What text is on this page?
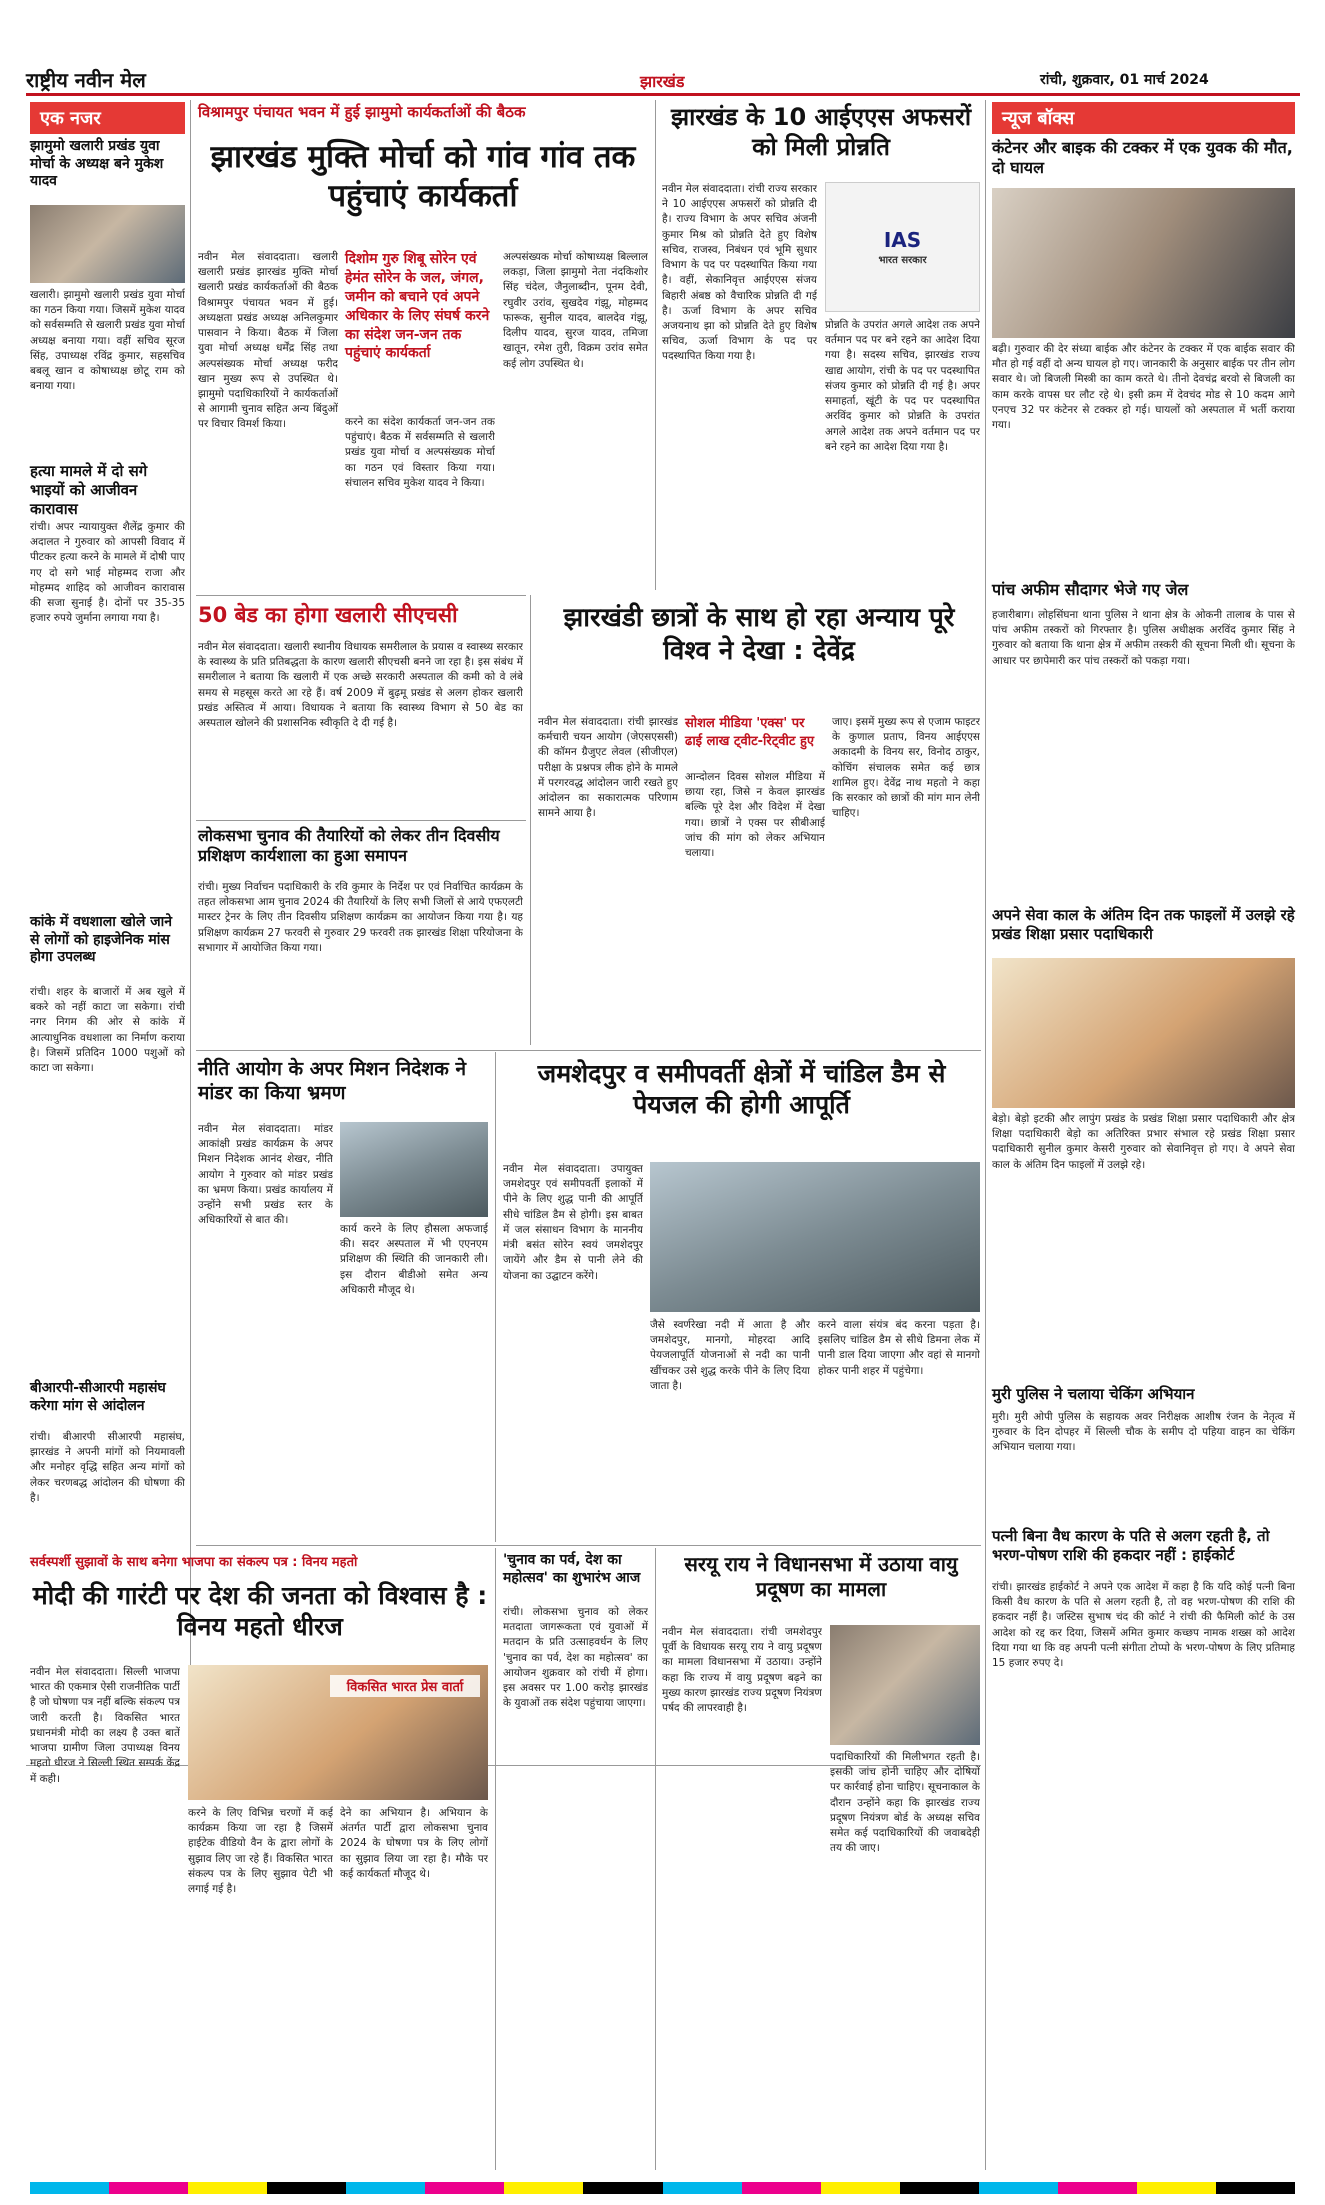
राष्ट्रीय नवीन मेल	झारखंड	रांची, शुक्रवार, 01 मार्च 2024
एक नजर
झामुमो खलारी प्रखंड युवा मोर्चा के अध्यक्ष बने मुकेश यादव
खलारी। झामुमो खलारी प्रखंड युवा मोर्चा का गठन किया गया। जिसमें मुकेश यादव को सर्वसम्मति से खलारी प्रखंड युवा मोर्चा अध्यक्ष बनाया गया। वहीं सचिव सूरज सिंह, उपाध्यक्ष रविंद्र कुमार, सहसचिव बबलू खान व कोषाध्यक्ष छोटू राम को बनाया गया।
हत्या मामले में दो सगे भाइयों को आजीवन कारावास
रांची। अपर न्यायायुक्त शैलेंद्र कुमार की अदालत ने गुरुवार को आपसी विवाद में पीटकर हत्या करने के मामले में दोषी पाए गए दो सगे भाई मोहम्मद राजा और मोहम्मद शाहिद को आजीवन कारावास की सजा सुनाई है। दोनों पर 35-35 हजार रुपये जुर्माना लगाया गया है।
कांके में वधशाला खोले जाने से लोगों को हाइजेनिक मांस होगा उपलब्ध
रांची। शहर के बाजारों में अब खुले में बकरे को नहीं काटा जा सकेगा। रांची नगर निगम की ओर से कांके में आत्याधुनिक वधशाला का निर्माण कराया है। जिसमें प्रतिदिन 1000 पशुओं को काटा जा सकेगा।
बीआरपी-सीआरपी महासंघ करेगा मांग से आंदोलन
रांची। बीआरपी सीआरपी महासंघ, झारखंड ने अपनी मांगों को नियमावली और मनोहर वृद्धि सहित अन्य मांगों को लेकर चरणबद्ध आंदोलन की घोषणा की है।
विश्रामपुर पंचायत भवन में हुई झामुमो कार्यकर्ताओं की बैठक
झारखंड मुक्ति मोर्चा को गांव गांव तक पहुंचाएं कार्यकर्ता
नवीन मेल संवाददाता। खलारी खलारी प्रखंड झारखंड मुक्ति मोर्चा खलारी प्रखंड कार्यकर्ताओं की बैठक विश्रामपुर पंचायत भवन में हुई। अध्यक्षता प्रखंड अध्यक्ष अनिलकुमार पासवान ने किया। बैठक में जिला युवा मोर्चा अध्यक्ष धर्मेंद्र सिंह तथा अल्पसंख्यक मोर्चा अध्यक्ष फरीद खान मुख्य रूप से उपस्थित थे। झामुमो पदाधिकारियों ने कार्यकर्ताओं से आगामी चुनाव सहित अन्य बिंदुओं पर विचार विमर्श किया।
दिशोम गुरु शिबू सोरेन एवं हेमंत सोरेन के जल, जंगल, जमीन को बचाने एवं अपने अधिकार के लिए संघर्ष करने का संदेश जन-जन तक पहुंचाएं कार्यकर्ता
करने का संदेश कार्यकर्ता जन-जन तक पहुंचाएं। बैठक में सर्वसम्मति से खलारी प्रखंड युवा मोर्चा व अल्पसंख्यक मोर्चा का गठन एवं विस्तार किया गया। संचालन सचिव मुकेश यादव ने किया।
अल्पसंख्यक मोर्चा कोषाध्यक्ष बिल्लाल लकड़ा, जिला झामुमो नेता नंदकिशोर सिंह चंदेल, जैनुलाब्दीन, पूनम देवी, रघुवीर उरांव, सुखदेव गंझू, मोहम्मद फारूक, सुनील यादव, बालदेव गंझू, दिलीप यादव, सुरज यादव, तमिजा खातून, रमेश तुरी, विक्रम उरांव समेत कई लोग उपस्थित थे।
झारखंड के 10 आईएएस अफसरों को मिली प्रोन्नति
नवीन मेल संवाददाता। रांची राज्य सरकार ने 10 आईएएस अफसरों को प्रोन्नति दी है। राज्य विभाग के अपर सचिव अंजनी कुमार मिश्र को प्रोन्नति देते हुए विशेष सचिव, राजस्व, निबंधन एवं भूमि सुधार विभाग के पद पर पदस्थापित किया गया है। वहीं, सेकानिवृत्त आईएएस संजय बिहारी अंबष्ठ को वैचारिक प्रोन्नति दी गई है। ऊर्जा विभाग के अपर सचिव अजयनाथ झा को प्रोन्नति देते हुए विशेष सचिव, ऊर्जा विभाग के पद पर पदस्थापित किया गया है।
IAS
भारत सरकार
प्रोन्नति के उपरांत अगले आदेश तक अपने वर्तमान पद पर बने रहने का आदेश दिया गया है। सदस्य सचिव, झारखंड राज्य खाद्य आयोग, रांची के पद पर पदस्थापित संजय कुमार को प्रोन्नति दी गई है। अपर समाहर्ता, खूंटी के पद पर पदस्थापित अरविंद कुमार को प्रोन्नति के उपरांत अगले आदेश तक अपने वर्तमान पद पर बने रहने का आदेश दिया गया है।
न्यूज बॉक्स
कंटेनर और बाइक की टक्कर में एक युवक की मौत, दो घायल
बढ़ी। गुरुवार की देर संध्या बाईक और कंटेनर के टक्कर में एक बाईक सवार की मौत हो गई वहीं दो अन्य घायल हो गए। जानकारी के अनुसार बाईक पर तीन लोग सवार थे। जो बिजली मिस्त्री का काम करते थे। तीनो देवचंद्र बरवो से बिजली का काम करके वापस घर लौट रहे थे। इसी क्रम में देवचंद मोड से 10 कदम आगे एनएच 32 पर कंटेनर से टक्कर हो गई। घायलों को अस्पताल में भर्ती कराया गया।
पांच अफीम सौदागर भेजे गए जेल
हजारीबाग। लोहसिंघना थाना पुलिस ने थाना क्षेत्र के ओकनी तालाब के पास से पांच अफीम तस्करों को गिरफ्तार है। पुलिस अधीक्षक अरविंद कुमार सिंह ने गुरुवार को बताया कि थाना क्षेत्र में अफीम तस्करी की सूचना मिली थी। सूचना के आधार पर छापेमारी कर पांच तस्करों को पकड़ा गया।
अपने सेवा काल के अंतिम दिन तक फाइलों में उलझे रहे प्रखंड शिक्षा प्रसार पदाधिकारी
बेड़ो। बेड़ो इटकी और लापुंग प्रखंड के प्रखंड शिक्षा प्रसार पदाधिकारी और क्षेत्र शिक्षा पदाधिकारी बेड़ो का अतिरिक्त प्रभार संभाल रहे प्रखंड शिक्षा प्रसार पदाधिकारी सुनील कुमार केसरी गुरुवार को सेवानिवृत्त हो गए। वे अपने सेवा काल के अंतिम दिन फाइलों में उलझे रहे।
मुरी पुलिस ने चलाया चेकिंग अभियान
मुरी। मुरी ओपी पुलिस के सहायक अवर निरीक्षक आशीष रंजन के नेतृत्व में गुरुवार के दिन दोपहर में सिल्ली चौक के समीप दो पहिया वाहन का चेकिंग अभियान चलाया गया।
पत्नी बिना वैध कारण के पति से अलग रहती है, तो भरण-पोषण राशि की हकदार नहीं : हाईकोर्ट
रांची। झारखंड हाईकोर्ट ने अपने एक आदेश में कहा है कि यदि कोई पत्नी बिना किसी वैध कारण के पति से अलग रहती है, तो वह भरण-पोषण की राशि की हकदार नहीं है। जस्टिस सुभाष चंद की कोर्ट ने रांची की फैमिली कोर्ट के उस आदेश को रद्द कर दिया, जिसमें अमित कुमार कच्छप नामक शख्स को आदेश दिया गया था कि वह अपनी पत्नी संगीता टोप्पो के भरण-पोषण के लिए प्रतिमाह 15 हजार रुपए दे।
50 बेड का होगा खलारी सीएचसी
नवीन मेल संवाददाता। खलारी स्थानीय विधायक समरीलाल के प्रयास व स्वास्थ्य सरकार के स्वास्थ्य के प्रति प्रतिबद्धता के कारण खलारी सीएचसी बनने जा रहा है। इस संबंध में समरीलाल ने बताया कि खलारी में एक अच्छे सरकारी अस्पताल की कमी को वे लंबे समय से महसूस करते आ रहे हैं। वर्ष 2009 में बुढ़मू प्रखंड से अलग होकर खलारी प्रखंड अस्तित्व में आया। विधायक ने बताया कि स्वास्थ्य विभाग से 50 बेड का अस्पताल खोलने की प्रशासनिक स्वीकृति दे दी गई है।
लोकसभा चुनाव की तैयारियों को लेकर तीन दिवसीय प्रशिक्षण कार्यशाला का हुआ समापन
रांची। मुख्य निर्वाचन पदाधिकारी के रवि कुमार के निर्देश पर एवं निर्वाचित कार्यक्रम के तहत लोकसभा आम चुनाव 2024 की तैयारियों के लिए सभी जिलों से आये एफएलटी मास्टर ट्रेनर के लिए तीन दिवसीय प्रशिक्षण कार्यक्रम का आयोजन किया गया है। यह प्रशिक्षण कार्यक्रम 27 फरवरी से गुरुवार 29 फरवरी तक झारखंड शिक्षा परियोजना के सभागार में आयोजित किया गया।
झारखंडी छात्रों के साथ हो रहा अन्याय पूरे विश्व ने देखा : देवेंद्र
नवीन मेल संवाददाता। रांची झारखंड कर्मचारी चयन आयोग (जेएसएससी) की कॉमन ग्रैजुएट लेवल (सीजीएल) परीक्षा के प्रश्नपत्र लीक होने के मामले में परगरवद्ध आंदोलन जारी रखते हुए आंदोलन का सकारात्मक परिणाम सामने आया है।
सोशल मीडिया 'एक्स' पर ढाई लाख ट्वीट-रिट्वीट हुए
आन्दोलन दिवस सोशल मीडिया में छाया रहा, जिसे न केवल झारखंड बल्कि पूरे देश और विदेश में देखा गया। छात्रों ने एक्स पर सीबीआई जांच की मांग को लेकर अभियान चलाया।
जाए। इसमें मुख्य रूप से एजाम फाइटर के कुणाल प्रताप, विनय आईएएस अकादमी के विनय सर, विनोद ठाकुर, कोचिंग संचालक समेत कई छात्र शामिल हुए। देवेंद्र नाथ महतो ने कहा कि सरकार को छात्रों की मांग मान लेनी चाहिए।
नीति आयोग के अपर मिशन निदेशक ने मांडर का किया भ्रमण
नवीन मेल संवाददाता। मांडर आकांक्षी प्रखंड कार्यक्रम के अपर मिशन निदेशक आनंद शेखर, नीति आयोग ने गुरुवार को मांडर प्रखंड का भ्रमण किया। प्रखंड कार्यालय में उन्होंने सभी प्रखंड स्तर के अधिकारियों से बात की।
कार्य करने के लिए हौसला अफजाई की। सदर अस्पताल में भी एएनएम प्रशिक्षण की स्थिति की जानकारी ली। इस दौरान बीडीओ समेत अन्य अधिकारी मौजूद थे।
जमशेदपुर व समीपवर्ती क्षेत्रों में चांडिल डैम से पेयजल की होगी आपूर्ति
नवीन मेल संवाददाता। उपायुक्त जमशेदपुर एवं समीपवर्ती इलाकों में पीने के लिए शुद्ध पानी की आपूर्ति सीधे चांडिल डैम से होगी। इस बाबत में जल संसाधन विभाग के माननीय मंत्री बसंत सोरेन स्वयं जमशेदपुर जायेंगे और डैम से पानी लेने की योजना का उद्घाटन करेंगे।
जैसे स्वर्णरेखा नदी में आता है और जमशेदपुर, मानगो, मोहरदा आदि पेयजलापूर्ति योजनाओं से नदी का पानी खींचकर उसे शुद्ध करके पीने के लिए दिया जाता है।
करने वाला संयंत्र बंद करना पड़ता है। इसलिए चांडिल डैम से सीधे डिमना लेक में पानी डाल दिया जाएगा और वहां से मानगो होकर पानी शहर में पहुंचेगा।
सर्वस्पर्शी सुझावों के साथ बनेगा भाजपा का संकल्प पत्र : विनय महतो
मोदी की गारंटी पर देश की जनता को विश्वास है : विनय महतो धीरज
नवीन मेल संवाददाता। सिल्ली भाजपा भारत की एकमात्र ऐसी राजनीतिक पार्टी है जो घोषणा पत्र नहीं बल्कि संकल्प पत्र जारी करती है। विकसित भारत प्रधानमंत्री मोदी का लक्ष्य है उक्त बातें भाजपा ग्रामीण जिला उपाध्यक्ष विनय महतो धीरज ने सिल्ली स्थित सम्पर्क केंद्र में कही।
विकसित भारत प्रेस वार्ता
करने के लिए विभिन्न चरणों में कई कार्यक्रम किया जा रहा है जिसमें हाईटेक वीडियो वैन के द्वारा लोगों के सुझाव लिए जा रहे हैं। विकसित भारत संकल्प पत्र के लिए सुझाव पेटी भी लगाई गई है।
देने का अभियान है। अभियान के अंतर्गत पार्टी द्वारा लोकसभा चुनाव 2024 के घोषणा पत्र के लिए लोगों का सुझाव लिया जा रहा है। मौके पर कई कार्यकर्ता मौजूद थे।
'चुनाव का पर्व, देश का महोत्सव' का शुभारंभ आज
रांची। लोकसभा चुनाव को लेकर मतदाता जागरूकता एवं युवाओं में मतदान के प्रति उत्साहवर्धन के लिए 'चुनाव का पर्व, देश का महोत्सव' का आयोजन शुक्रवार को रांची में होगा। इस अवसर पर 1.00 करोड़ झारखंड के युवाओं तक संदेश पहुंचाया जाएगा।
सरयू राय ने विधानसभा में उठाया वायु प्रदूषण का मामला
नवीन मेल संवाददाता। रांची जमशेदपुर पूर्वी के विधायक सरयू राय ने वायु प्रदूषण का मामला विधानसभा में उठाया। उन्होंने कहा कि राज्य में वायु प्रदूषण बढ़ने का मुख्य कारण झारखंड राज्य प्रदूषण नियंत्रण पर्षद की लापरवाही है।
पदाधिकारियों की मिलीभगत रहती है। इसकी जांच होनी चाहिए और दोषियों पर कार्रवाई होना चाहिए। सूचनाकाल के दौरान उन्होंने कहा कि झारखंड राज्य प्रदूषण नियंत्रण बोर्ड के अध्यक्ष सचिव समेत कई पदाधिकारियों की जवाबदेही तय की जाए।
